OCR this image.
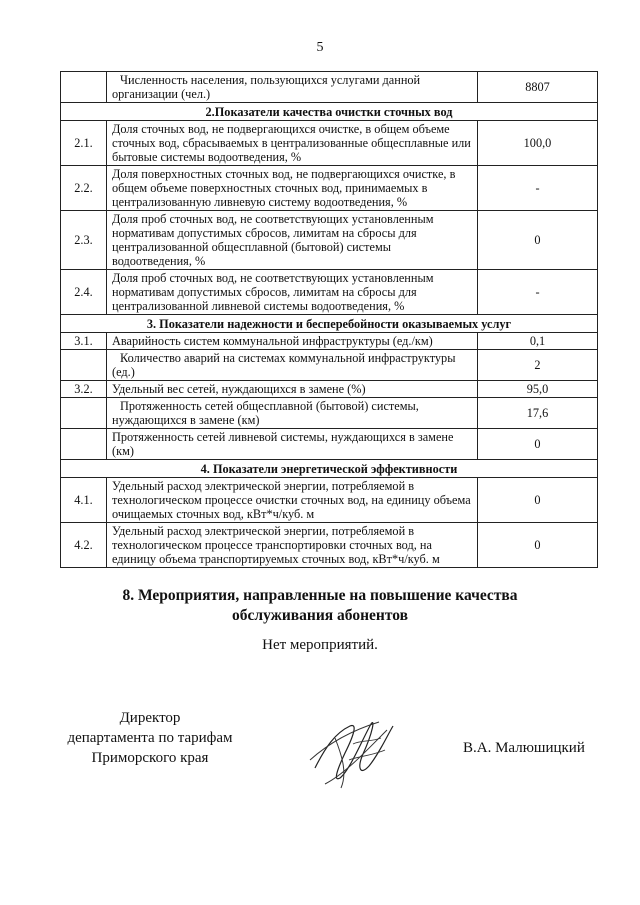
5
	Численность населения, пользующихся услугами данной организации (чел.)	8807
2.Показатели качества очистки сточных вод		
2.1.	Доля сточных вод, не подвергающихся очистке, в общем объеме сточных вод, сбрасываемых в централизованные общесплавные или бытовые системы водоотведения, %	100,0
2.2.	Доля поверхностных сточных вод, не подвергающихся очистке, в общем объеме поверхностных сточных вод, принимаемых в централизованную ливневую систему водоотведения, %	-
2.3.	Доля проб сточных вод, не соответствующих установленным нормативам допустимых сбросов, лимитам на сбросы для централизованной общесплавной (бытовой) системы водоотведения, %	0
2.4.	Доля проб сточных вод, не соответствующих установленным нормативам допустимых сбросов, лимитам на сбросы для централизованной ливневой системы водоотведения, %	-
3. Показатели надежности и бесперебойности оказываемых услуг		
3.1.	Аварийность систем коммунальной инфраструктуры (ед./км)	0,1
	Количество аварий на системах коммунальной инфраструктуры (ед.)	2
3.2.	Удельный вес сетей, нуждающихся в замене (%)	95,0
	Протяженность сетей общесплавной (бытовой) системы, нуждающихся в замене (км)	17,6
	Протяженность сетей ливневой системы, нуждающихся в замене (км)	0
4. Показатели энергетической эффективности		
4.1.	Удельный расход электрической энергии, потребляемой в технологическом процессе очистки сточных вод, на единицу объема очищаемых сточных вод, кВт*ч/куб. м	0
4.2.	Удельный расход электрической энергии, потребляемой в технологическом процессе транспортировки сточных вод, на единицу объема транспортируемых сточных вод, кВт*ч/куб. м	0
8. Мероприятия, направленные на повышение качества
обслуживания абонентов
Нет мероприятий.
Директор
департамента по тарифам
Приморского края
В.А. Малюшицкий
